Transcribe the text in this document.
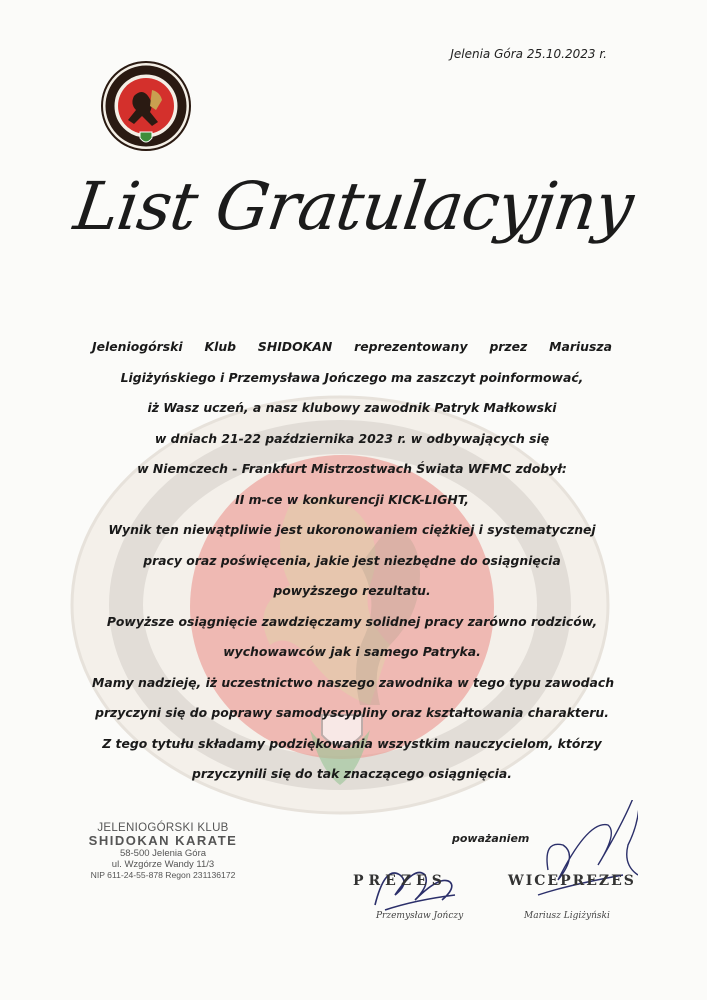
Jelenia Góra 25.10.2023 r.
List Gratulacyjny
Jeleniogórski Klub SHIDOKAN reprezentowany przez Mariusza
Ligiżyńskiego i Przemysława Jończego ma zaszczyt poinformować,
iż Wasz uczeń, a nasz klubowy zawodnik Patryk Małkowski
w dniach 21-22 października 2023 r. w odbywających się
w Niemczech - Frankfurt Mistrzostwach Świata WFMC zdobył:
II m-ce w konkurencji KICK-LIGHT,
Wynik ten niewątpliwie jest ukoronowaniem ciężkiej i systematycznej
pracy oraz poświęcenia, jakie jest niezbędne do osiągnięcia
powyższego rezultatu.
Powyższe osiągnięcie zawdzięczamy solidnej pracy zarówno rodziców,
wychowawców jak i samego Patryka.
Mamy nadzieję, iż uczestnictwo naszego zawodnika w tego typu zawodach
przyczyni się do poprawy samodyscypliny oraz kształtowania charakteru.
Z tego tytułu składamy podziękowania wszystkim nauczycielom, którzy
przyczynili się do tak znaczącego osiągnięcia.
JELENIOGÓRSKI KLUB
SHIDOKAN KARATE
58-500 Jelenia Góra
ul. Wzgórze Wandy 11/3
NIP 611-24-55-878 Regon 231136172
poważaniem
PREZES
Przemysław Jończy
WICEPREZES
Mariusz Ligiżyński
